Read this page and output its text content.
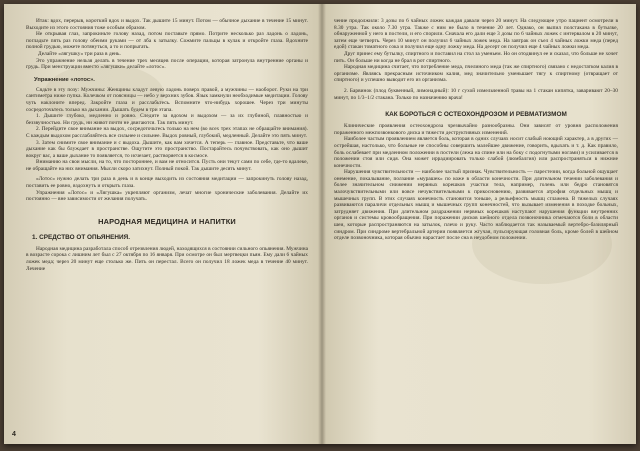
Итак: вдох, перерыв, короткий вдох и выдох. Так дышите 15 минут. Потом — обычное дыхание в течение 15 минут. Выходите из этого состояния тоже особым образом.

Не открывая глаз, запрокиньте голову назад, потом поставьте прямо. Потрите несколько раз ладонь о ладонь, погладьте пять раз голову обеими руками — от лба к затылку. Сожмите пальцы в кулак и откройте глаза. Вдохните полной грудью, можете потянуться, а то и попрыгать.

Делайте «лягушку» три раза в день.

Это упражнение нельзя делать в течение трех месяцев после операции, которая затронула внутренние органы и грудь. При менструации вместо «лягушки» делайте «лотос».

Упражнение «лотос».

Сядьте в эту позу: Мужчины: Женщины кладут левую ладонь поверх правой, а мужчины — наоборот. Руки на три сантиметра ниже пупка. Колечком от поясницы — небо у верхних зубов. Язык замкнули необходимые медитации. Голову чуть наклоните вперед. Закройте глаза и расслабьтесь. Вспомните что-нибудь хорошее. Через три минуты сосредоточьтесь только на дыхании. Дышать будем в три этапа.

1. Дышите глубоко, медленно и ровно. Следите за вдохом и выдохом — за их глубиной, плавностью и беззвучностью. Ни грудь, ни живот почти не двигаются. Так пять минут.

2. Перейдите свое внимание на выдох, сосредоточьтесь только на нем (во всех трех этапах не обращайте внимания). С каждым выдохом расслабляйтесь все сильнее и сильнее. Выдох ровный, глубокий, медленный. Делайте это пять минут.

3. Затем снимите свое внимание и с выдоха. Дышите, как вам хочется. А теперь — главное. Представьте, что ваше дыхание как бы блуждает в пространстве. Ощутите это пространство. Постарайтесь почувствовать, как оно дышит вокруг вас, а ваше дыхание то появляется, то исчезает, растворяется в космосе.

Вниманию на свои мысли, на то, что постороннее, и вам не относится. Пусть они текут сами по себе, где-то вдалеке, не обращайте на них внимания. Мысли скоро затихнут. Полный покой. Так дышите десять минут.

«Лотос» нужно делать три раза в день и в конце выходить из состояния медитации — запрокинуть голову назад, поставить ее ровно, вздохнуть и открыть глаза.

Упражнения «Лотос» и «Лягушка» укрепляют организм, лечат многие хронические заболевания. Делайте их постоянно — вне зависимости от желания получать.

НАРОДНАЯ МЕДИЦИНА И НАПИТКИ
1. СРЕДСТВО ОТ ОПЬЯНЕНИЯ.

Народная медицина разработала способ отрезвления людей, находящихся в состоянии сильного опьянения. Мужчина в возрасте сорока с лишним лет был с 27 октября по 16 января. При осмотре он был мертвецки пьян. Ему дали 6 чайных ложек меда; через 20 минут еще столько же. Пить он перестал. Всего он получил 18 ложек меда в течение 40 минут. Лечение

4

чение продолжили: 3 дозы по 6 чайных ложек каждая давали через 20 минут. На следующее утро пациент осмотрели в 8.30 утра. Так около 7.30 утра. Также с ним не было в течение 20 лет. Однако, он выпил полстакана в бутылке, обнаруженной у него в постели, и его спорили. Сначала его дали еще 3 дозы по 6 чайных ложек с интервалом в 20 минут, затем еще четверть. Через 10 минут он получил 6 чайных ложек меда. На завтрак он съел 4 чайных ложки меда (перед едой) стакан томатного сока и получил еще одну ложку меда. На десерт он получил еще 4 чайных ложки меда.

Друг принес ему бутылку, спиртного и поставил на стол за уменьем. Но он отодвинул ее и сказал, что больше не хочет пить. Он больше ни когда не брал в рот спиртного.

Народная медицина считает, что потребление меда, пчелиного меда (так же спиртного) связано с недостатком калия в организме. Являясь прекрасным источником калия, мед значительно уменьшает тягу к спиртному (отвращает от спиртного) и успешно выводит его из организма.

2. Барвинок (плод буквенный, лимонадный): 10 г сухой измельченной травы на 1 стакан кипятка, заваривают 20–30 минут, по 1/3–1/2 стакана. Только по назначению врача!

КАК БОРОТЬСЯ С ОСТЕОХОНДРОЗОМ И РЕВМАТИЗМОМ

Клинические проявления остеохондроза чрезвычайно разнообразны. Они зависят от уровня расположения пораженного межпозвонкового диска и тяжести деструктивных изменений.

Наиболее частым проявлением является боль, которая в одних случаях носит слабый ноющий характер, а в других — острейшая, настолько, что больные не способны совершить малейшее движение, говорить, вдыхать и т. д. Как правило, боль ослабевает при медленном положении в постели (лежа на спине или на боку с подогнутыми ногами) и усиливается в положении стоя или сидя. Она может иррадиировать только слабой (люмбалгия) или распространяться в нижние конечности.

Нарушения чувствительности — наиболее частый признак. Чувствительность — парестезии, когда больной ощущает онемение, покалывание, ползание «мурашек» по коже в области конечности. При длительном течении заболевания и более значительном снижении нервных корешков участки тела, например, голень или бедро становятся малочувствительными или вовсе нечувствительными к прикосновению, развивается атрофия отдельных мышц и мышечных групп. В этих случаях конечность становится тоньше, а рельефность мышц сглажена. В тяжелых случаях развиваются параличи отдельных мышц и мышечных групп конечностей, что вызывает изменения в походке больных, затрудняет движения. При длительном раздражении нервных корешков наступают нарушения функции внутренних органов и системы кровообращения. При поражении дисков шейного отдела позвоночника отмечаются боли в области шеи, которые распространяются на затылок, плечо и руку. Часто наблюдается так называемый вертебро-базилярный синдром. При синдроме вертебральной артерии появляется жгучая, пульсирующая головная боль, кроме болей в шейном отделе позвоночника, которая обычно нарастает после сна в неудобном положении.
